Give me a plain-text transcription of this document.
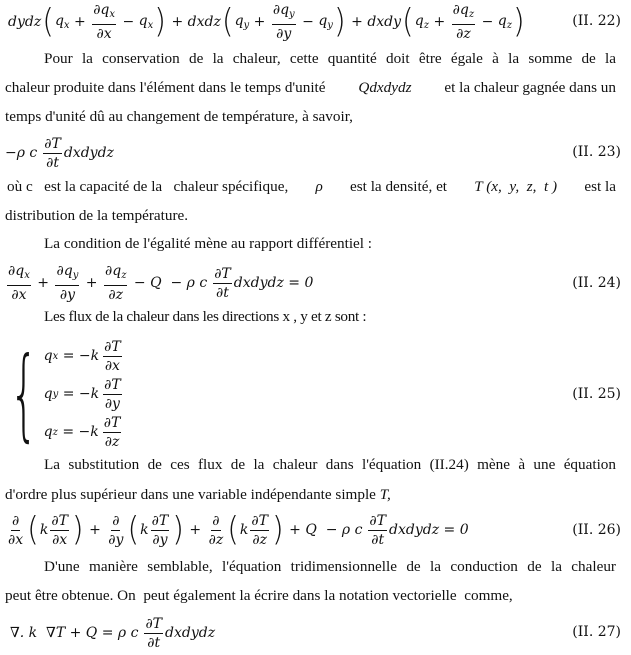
dydz ( $q_x + \frac{\partial q_x}{\partial x} - q_x$ ) + dxdz ( $q_y + \frac{\partial q_y}{\partial y} - q_y$ ) + dxdy ( $q_z + \frac{\partial q_z}{\partial z} - q_z$ )	(II. 22)
Pour la conservation de la chaleur, cette quantité doit être égale à la somme de la
chaleur produite dans l'élément dans le temps d'unité Qdxdydz et la chaleur gagnée dans un
temps d'unité dû au changement de température, à savoir,
−ρ c $\frac{\partial T}{\partial t}$ dxdydz	(II. 23)
où c   est la capacité de la   chaleur spécifique, ρ est la densité, et T (x,  y,  z,  t ) est la
distribution de la température.
La condition de l'égalité mène au rapport différentiel :
$\frac{\partial q_x}{\partial x} + \frac{\partial q_y}{\partial y} + \frac{\partial q_z}{\partial z}$
− Q  − ρ c $\frac{\partial T}{\partial t}$ dxdydz = 0	(II. 24)
Les flux de la chaleur dans les directions x , y et z sont :
{ q x
= $-k \frac{\partial T}{\partial x}$
q y
= $-k \frac{\partial T}{\partial y}$
q z
= $-k \frac{\partial T}{\partial z}$
(II. 25)
La substitution de ces flux de la chaleur dans l'équation (II.24) mène à une équation
d'ordre plus supérieur dans une variable indépendante simple T,
$\frac{\partial}{\partial x}$ ( k $\frac{\partial T}{\partial x}$ ) + $\frac{\partial}{\partial y}$ ( k $\frac{\partial T}{\partial y}$ ) + $\frac{\partial}{\partial z}$ ( k $\frac{\partial T}{\partial z}$ )
+ Q  − ρ c $\frac{\partial T}{\partial t}$ dxdydz = 0	(II. 26)
D'une manière semblable, l'équation tridimensionnelle de la conduction de la chaleur
peut être obtenue. On  peut également la écrire dans la notation vectorielle  comme,
∇. k  ∇T + Q = ρ c $\frac{\partial T}{\partial t}$ dxdydz	(II. 27)
